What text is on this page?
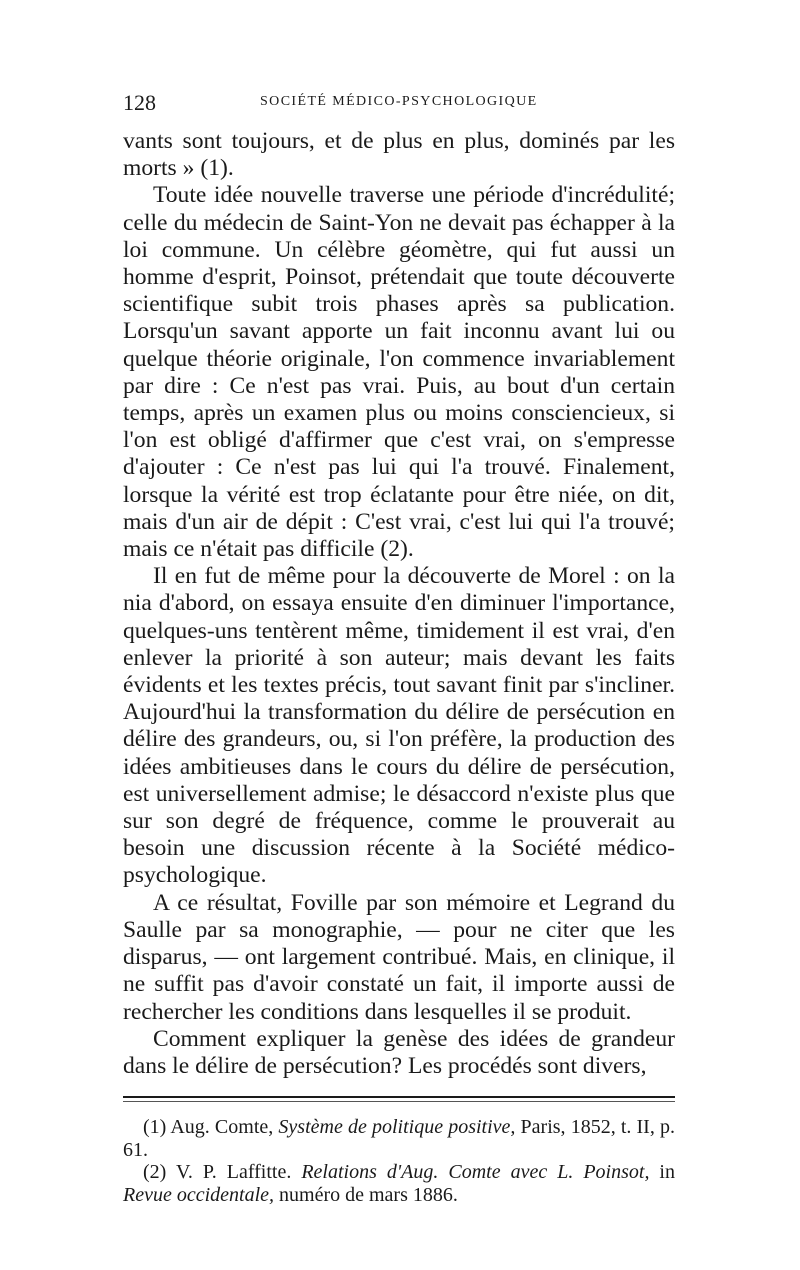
128	SOCIÉTÉ MÉDICO-PSYCHOLOGIQUE

vants sont toujours, et de plus en plus, dominés par les morts » (1).

Toute idée nouvelle traverse une période d'incrédulité; celle du médecin de Saint-Yon ne devait pas échapper à la loi commune. Un célèbre géomètre, qui fut aussi un homme d'esprit, Poinsot, prétendait que toute découverte scientifique subit trois phases après sa publication. Lorsqu'un savant apporte un fait inconnu avant lui ou quelque théorie originale, l'on commence invariablement par dire : Ce n'est pas vrai. Puis, au bout d'un certain temps, après un examen plus ou moins consciencieux, si l'on est obligé d'affirmer que c'est vrai, on s'empresse d'ajouter : Ce n'est pas lui qui l'a trouvé. Finalement, lorsque la vérité est trop éclatante pour être niée, on dit, mais d'un air de dépit : C'est vrai, c'est lui qui l'a trouvé; mais ce n'était pas difficile (2).

Il en fut de même pour la découverte de Morel : on la nia d'abord, on essaya ensuite d'en diminuer l'importance, quelques-uns tentèrent même, timidement il est vrai, d'en enlever la priorité à son auteur; mais devant les faits évidents et les textes précis, tout savant finit par s'incliner. Aujourd'hui la transformation du délire de persécution en délire des grandeurs, ou, si l'on préfère, la production des idées ambitieuses dans le cours du délire de persécution, est universellement admise; le désaccord n'existe plus que sur son degré de fréquence, comme le prouverait au besoin une discussion récente à la Société médico-psychologique.

A ce résultat, Foville par son mémoire et Legrand du Saulle par sa monographie, — pour ne citer que les disparus, — ont largement contribué. Mais, en clinique, il ne suffit pas d'avoir constaté un fait, il importe aussi de rechercher les conditions dans lesquelles il se produit.

Comment expliquer la genèse des idées de grandeur dans le délire de persécution? Les procédés sont divers,

(1) Aug. Comte, Système de politique positive, Paris, 1852, t. II, p. 61.

(2) V. P. Laffitte. Relations d'Aug. Comte avec L. Poinsot, in Revue occidentale, numéro de mars 1886.
